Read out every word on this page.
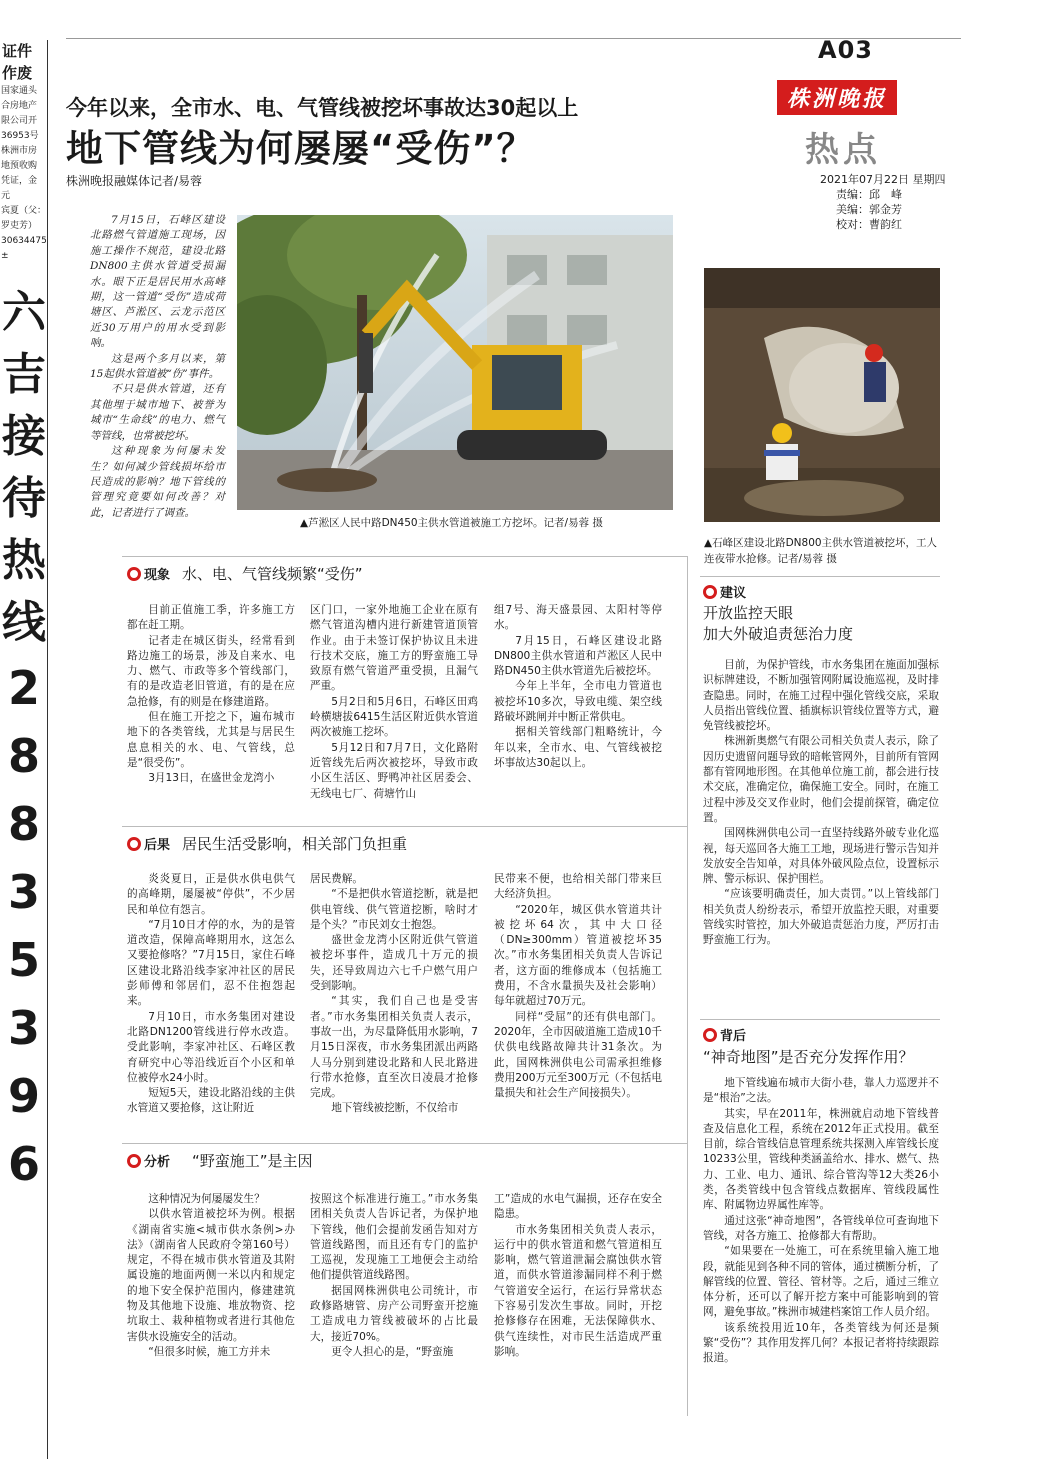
证件
作废

国家通头

合房地产

限公司开

36953号

株洲市房

地预收购

凭证，金

元

宾夏（父：

罗吏芳）

30634475

±

六
吉
接
待
热
线
2
8
8
3
5
3
9
6
A03
株洲晚报
热点
2021年07月22日 星期四
责编：邱　峰
美编：郭金芳
校对：曹韵红
今年以来，全市水、电、气管线被挖坏事故达30起以上
地下管线为何屡屡“受伤”？
株洲晚报融媒体记者/易蓉

7月15日，石峰区建设北路燃气管道施工现场，因施工操作不规范，建设北路DN800主供水管道受损漏水。眼下正是居民用水高峰期，这一管道“受伤”造成荷塘区、芦淞区、云龙示范区近30万用户的用水受到影响。

这是两个多月以来，第15起供水管道被“伤”事件。

不只是供水管道，还有其他埋于城市地下、被誉为城市“生命线”的电力、燃气等管线，也常被挖坏。

这种现象为何屡未发生？如何减少管线损坏给市民造成的影响？地下管线的管理究竟要如何改善？对此，记者进行了调查。

▲芦淞区人民中路DN450主供水管道被施工方挖坏。记者/易蓉 摄
▲石峰区建设北路DN800主供水管道被挖坏，工人连夜带水抢修。记者/易蓉 摄
现象 水、电、气管线频繁“受伤”

目前正值施工季，许多施工方都在赶工期。

记者走在城区街头，经常看到路边施工的场景，涉及自来水、电力、燃气、市政等多个管线部门，有的是改造老旧管道，有的是在应急抢修，有的则是在修建道路。

但在施工开挖之下，遍布城市地下的各类管线，尤其是与居民生息息相关的水、电、气管线，总是“很受伤”。

3月13日，在盛世金龙湾小

区门口，一家外地施工企业在原有燃气管道沟槽内进行新建管道顶管作业。由于未签订保护协议且未进行技术交底，施工方的野蛮施工导致原有燃气管道严重受损，且漏气严重。

5月2日和5月6日，石峰区田鸡岭横塘拔6415生活区附近供水管道两次被施工挖坏。

5月12日和7月7日，文化路附近管线先后两次被挖坏，导致市政小区生活区、野鸭冲社区居委会、无线电七厂、荷塘竹山

组7号、海天盛景园、太阳村等停水。

7月15日，石峰区建设北路DN800主供水管道和芦淞区人民中路DN450主供水管道先后被挖坏。

今年上半年，全市电力管道也被挖坏10多次，导致电缆、架空线路破坏跳闸并中断正常供电。

据相关管线部门粗略统计，今年以来，全市水、电、气管线被挖坏事故达30起以上。

后果 居民生活受影响，相关部门负担重

炎炎夏日，正是供水供电供气的高峰期，屡屡被“停供”，不少居民和单位有怨言。

“7月10日才停的水，为的是管道改造，保障高峰期用水，这怎么又要抢修咯？”7月15日，家住石峰区建设北路沿线李家冲社区的居民彭师傅和邻居们，忍不住抱怨起来。

7月10日，市水务集团对建设北路DN1200管线进行停水改造。受此影响，李家冲社区、石峰区教育研究中心等沿线近百个小区和单位被停水24小时。

短短5天，建设北路沿线的主供水管道又要抢修，这让附近

居民费解。

“不是把供水管道挖断，就是把供电管线、供气管道挖断，啥时才是个头？”市民刘女士抱怨。

盛世金龙湾小区附近供气管道被挖坏事件，造成几十万元的损失，还导致周边六七千户燃气用户受到影响。

“其实，我们自己也是受害者。”市水务集团相关负责人表示，事故一出，为尽量降低用水影响，7月15日深夜，市水务集团派出两路人马分别到建设北路和人民北路进行带水抢修，直至次日凌晨才抢修完成。

地下管线被挖断，不仅给市

民带来不便，也给相关部门带来巨大经济负担。

“2020年，城区供水管道共计被挖坏64次，其中大口径（DN≥300mm）管道被挖坏35次。”市水务集团相关负责人告诉记者，这方面的维修成本（包括施工费用，不含水量损失及社会影响）每年就超过70万元。

同样“受屈”的还有供电部门。2020年，全市因破道施工造成10千伏供电线路故障共计31条次。为此，国网株洲供电公司需承担维修费用200万元至300万元（不包括电量损失和社会生产间接损失）。

分析 “野蛮施工”是主因

这种情况为何屡屡发生？

以供水管道被挖坏为例。根据《湖南省实施<城市供水条例>办法》（湖南省人民政府令第160号）规定，不得在城市供水管道及其附属设施的地面两侧一米以内和规定的地下安全保护范围内，修建建筑物及其他地下设施、堆放物资、挖坑取土、栽种植物或者进行其他危害供水设施安全的活动。

“但很多时候，施工方并未

按照这个标准进行施工。”市水务集团相关负责人告诉记者，为保护地下管线，他们会提前发函告知对方管道线路图，而且还有专门的监护工巡视，发现施工工地便会主动给他们提供管道线路图。

据国网株洲供电公司统计，市政修路塘管、房产公司野蛮开挖施工造成电力管线被破坏的占比最大，接近70%。

更令人担心的是，“野蛮施

工”造成的水电气漏损，还存在安全隐患。

市水务集团相关负责人表示，运行中的供水管道和燃气管道相互影响，燃气管道泄漏会腐蚀供水管道，而供水管道渗漏同样不利于燃气管道安全运行，在运行异常状态下容易引发次生事故。同时，开挖抢修修存在困难，无法保障供水、供气连续性，对市民生活造成严重影响。

建议
开放监控天眼
加大外破追责惩治力度

目前，为保护管线，市水务集团在施面加强标识标牌建设，不断加强管网附属设施巡视，及时排查隐患。同时，在施工过程中强化管线交底，采取人员指出管线位置、插旗标识管线位置等方式，避免管线被挖坏。

株洲新奥燃气有限公司相关负责人表示，除了因历史遗留问题导致的暗帐管网外，目前所有管网都有管网地形图。在其他单位施工前，都会进行技术交底，准确定位，确保施工安全。同时，在施工过程中涉及交叉作业时，他们会提前探管，确定位置。

国网株洲供电公司一直坚持线路外破专业化巡视，每天巡回各大施工工地，现场进行警示告知并发放安全告知单，对具体外破风险点位，设置标示牌、警示标识、保护围栏。

“应该要明确责任，加大责罚。”以上管线部门相关负责人纷纷表示，希望开放监控天眼，对重要管线实时管控，加大外破追责惩治力度，严厉打击野蛮施工行为。

背后
“神奇地图”是否充分发挥作用？

地下管线遍布城市大街小巷，靠人力巡逻并不是“根治”之法。

其实，早在2011年，株洲就启动地下管线普查及信息化工程，系统在2012年正式投用。截至目前，综合管线信息管理系统共探测入库管线长度10233公里，管线种类涵盖给水、排水、燃气、热力、工业、电力、通讯、综合管沟等12大类26小类，各类管线中包含管线点数据库、管线段属性库、附属物边界属性库等。

通过这张“神奇地图”，各管线单位可查询地下管线，对各方施工、抢修都大有帮助。

“如果要在一处施工，可在系统里输入施工地段，就能见到各种不同的管体，通过横断分析，了解管线的位置、管径、管材等。之后，通过三维立体分析，还可以了解开挖方案中可能影响到的管网，避免事故。”株洲市城建档案馆工作人员介绍。

该系统投用近10年，各类管线为何还是频繁“受伤”？其作用发挥几何？本报记者将持续跟踪报道。
